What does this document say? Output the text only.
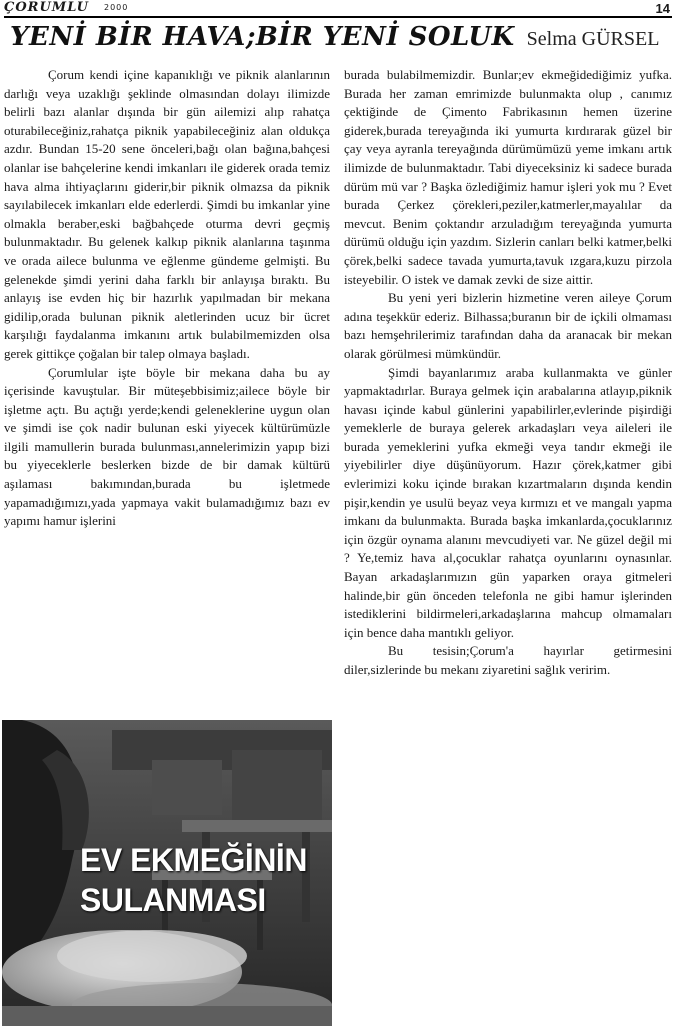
ÇORUMLU 2000	14
YENİ BİR HAVA;BİR YENİ SOLUK Selma GÜRSEL

Çorum kendi içine kapanıklığı ve piknik alanlarının darlığı veya uzaklığı şeklinde olmasından dolayı ilimizde belirli bazı alanlar dışında bir gün ailemizi alıp rahatça oturabileceğiniz,rahatça piknik yapabileceğiniz alan oldukça azdır. Bundan 15-20 sene önceleri,bağı olan bağına,bahçesi olanlar ise bahçelerine kendi imkanları ile giderek orada temiz hava alma ihtiyaçlarını giderir,bir piknik olmazsa da piknik sayılabilecek imkanları elde ederlerdi. Şimdi bu imkanlar yine olmakla beraber,eski bağbahçede oturma devri geçmiş bulunmaktadır. Bu gelenek kalkıp piknik alanlarına taşınma ve orada ailece bulunma ve eğlenme gündeme gelmişti. Bu gelenekde şimdi yerini daha farklı bir anlayışa bıraktı. Bu anlayış ise evden hiç bir hazırlık yapılmadan bir mekana gidilip,orada bulunan piknik aletlerinden ucuz bir ücret karşılığı faydalanma imkanını artık bulabilmemizden olsa gerek gittikçe çoğalan bir talep olmaya başladı.

Çorumlular işte böyle bir mekana daha bu ay içerisinde kavuştular. Bir müteşebbisimiz;ailece böyle bir işletme açtı. Bu açtığı yerde;kendi geleneklerine uygun olan ve şimdi ise çok nadir bulunan eski yiyecek kültürümüzle ilgili mamullerin burada bulunması,annelerimizin yapıp bizi bu yiyeceklerle beslerken bizde de bir damak kültürü aşılaması bakımından,burada bu işletmede yapamadığımızı,yada yapmaya vakit bulamadığımız bazı ev yapımı hamur işlerini

burada bulabilmemizdir. Bunlar;ev ekmeğidediğimiz yufka. Burada her zaman emrimizde bulunmakta olup , canımız çektiğinde de Çimento Fabrikasının hemen üzerine giderek,burada tereyağında iki yumurta kırdırarak güzel bir çay veya ayranla tereyağında dürümümüzü yeme imkanı artık ilimizde de bulunmaktadır. Tabi diyeceksiniz ki sadece burada dürüm mü var ? Başka özlediğimiz hamur işleri yok mu ? Evet burada Çerkez çörekleri,peziler,katmerler,mayalılar da mevcut. Benim çoktandır arzuladığım tereyağında yumurta dürümü olduğu için yazdım. Sizlerin canları belki katmer,belki çörek,belki sadece tavada yumurta,tavuk ızgara,kuzu pirzola isteyebilir. O istek ve damak zevki de size aittir.

Bu yeni yeri bizlerin hizmetine veren aileye Çorum adına teşekkür ederiz. Bilhassa;buranın bir de içkili olmaması bazı hemşehrilerimiz tarafından daha da aranacak bir mekan olarak görülmesi mümkündür.

Şimdi bayanlarımız araba kullanmakta ve günler yapmaktadırlar. Buraya gelmek için arabalarına atlayıp,piknik havası içinde kabul günlerini yapabilirler,evlerinde pişirdiği yemeklerle de buraya gelerek arkadaşları veya aileleri ile burada yemeklerini yufka ekmeği veya tandır ekmeği ile yiyebilirler diye düşünüyorum. Hazır çörek,katmer gibi evlerimizi koku içinde bırakan kızartmaların dışında kendin pişir,kendin ye usulü beyaz veya kırmızı et ve mangalı yapma imkanı da bulunmakta. Burada başka imkanlarda,çocuklarınız için özgür oynama alanını mevcudiyeti var. Ne güzel değil mi ? Ye,temiz hava al,çocuklar rahatça oyunlarını oynasınlar. Bayan arkadaşlarımızın gün yaparken oraya gitmeleri halinde,bir gün önceden telefonla ne gibi hamur işlerinden istediklerini bildirmeleri,arkadaşlarına mahcup olmamaları için bence daha mantıklı geliyor.

Bu tesisin;Çorum'a hayırlar getirmesini diler,sizlerinde bu mekanı ziyaretini sağlık veririm.

EV EKMEĞİNİN
SULANMASI
